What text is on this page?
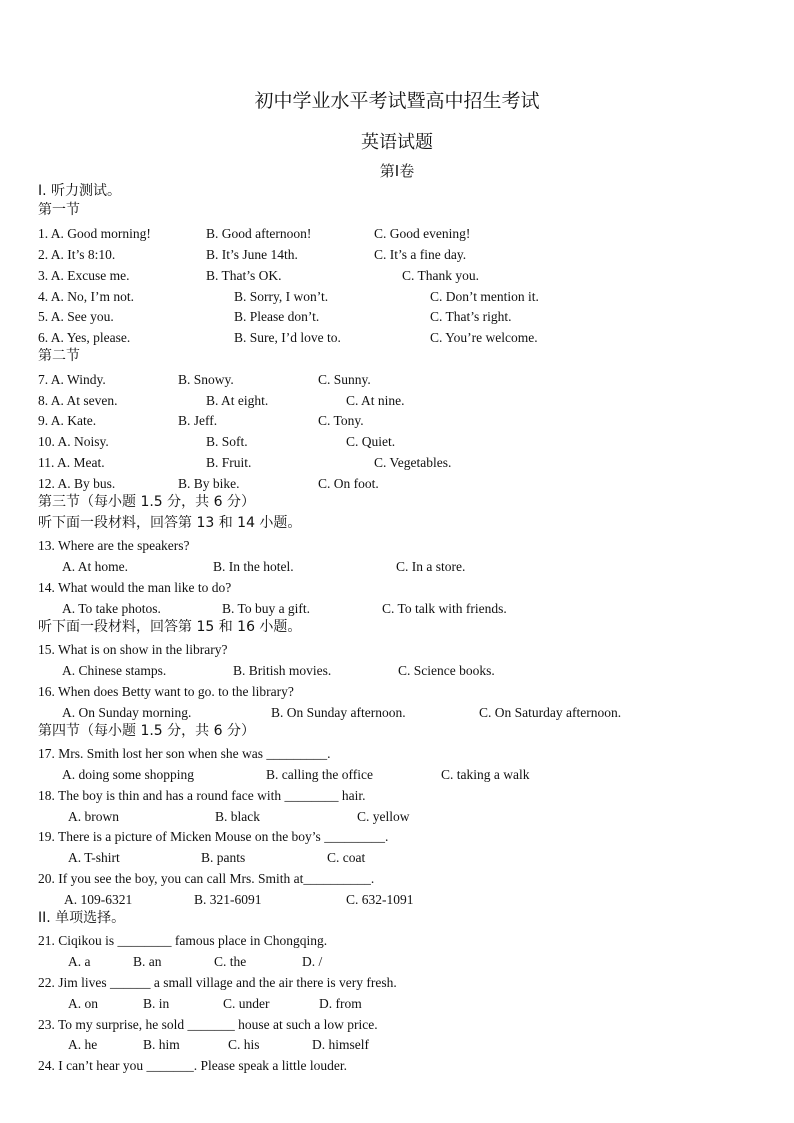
初中学业水平考试暨高中招生考试
英语试题
第I卷
I. 听力测试。
第一节
1. A. Good morning!	B. Good afternoon!	C. Good evening!
2. A. It’s 8:10.	B. It’s June 14th.	C. It’s a fine day.
3. A. Excuse me.	B. That’s OK.	C. Thank you.
4. A. No, I’m not.	B. Sorry, I won’t.	C. Don’t mention it.
5. A. See you.	B. Please don’t.	C. That’s right.
6. A. Yes, please.	B. Sure, I’d love to.	C. You’re welcome.
第二节
7. A. Windy.	B. Snowy.	C. Sunny.
8. A. At seven.	B. At eight.	C. At nine.
9. A. Kate.	B. Jeff.	C. Tony.
10. A. Noisy.	B. Soft.	C. Quiet.
11. A. Meat.	B. Fruit.	C. Vegetables.
12. A. By bus.	B. By bike.	C. On foot.
第三节（每小题 1.5 分，共 6 分）
听下面一段材料，回答第 13 和 14 小题。
13. Where are the speakers?
A. At home.	B. In the hotel.	C. In a store.
14. What would the man like to do?
A. To take photos.	B. To buy a gift.	C. To talk with friends.
听下面一段材料，回答第 15 和 16 小题。
15. What is on show in the library?
A. Chinese stamps.	B. British movies.	C. Science books.
16. When does Betty want to go. to the library?
A. On Sunday morning.	B. On Sunday afternoon.	C. On Saturday afternoon.
第四节（每小题 1.5 分，共 6 分）
17. Mrs. Smith lost her son when she was _________.
A. doing some shopping	B. calling the office	C. taking a walk
18. The boy is thin and has a round face with ________ hair.
A. brown	B. black	C. yellow
19. There is a picture of Micken Mouse on the boy’s _________.
A. T-shirt	B. pants	C. coat
20. If you see the boy, you can call Mrs. Smith at__________.
A. 109-6321	B. 321-6091	C. 632-1091
II. 单项选择。
21. Ciqikou is ________ famous place in Chongqing.
A. a	B. an	C. the	D. /
22. Jim lives ______ a small village and the air there is very fresh.
A. on	B. in	C. under	D. from
23. To my surprise, he sold _______ house at such a low price.
A. he	B. him	C. his	D. himself
24. I can’t hear you _______. Please speak a little louder.
